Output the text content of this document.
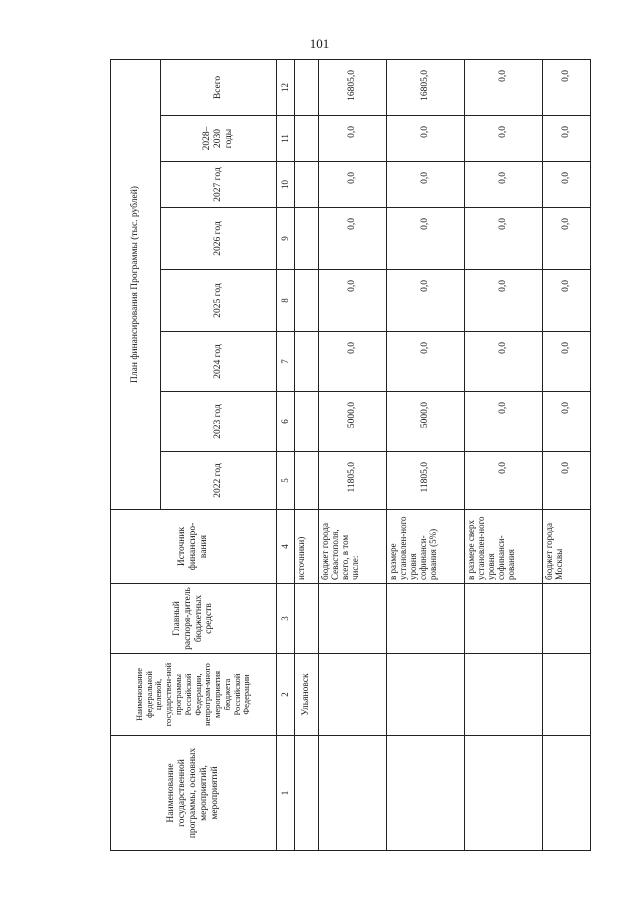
101
Наименование государственной программы, основных мероприятий, мероприятий	Наименование федеральной целевой, государствен-ной программы Российской Федерации, непрограм-много мероприятия бюджета Российской Федерации	Главный распоря-дитель бюджетных средств	Источник финансиро-вания	План финансирования Программы (тыс. рублей)							
				2022 год	2023 год	2024 год	2025 год	2026 год	2027 год	2028–2030 годы	Всего
1	2	3	4	5	6	7	8	9	10	11	12
	Ульяновск		источники)								
			бюджет города Севастополя, всего, в том числе:	11805,0	5000,0	0,0	0,0	0,0	0,0	0,0	16805,0
			в размере установлен-ного уровня софинанси-рования (5%)	11805,0	5000,0	0,0	0,0	0,0	0,0	0,0	16805,0
			в размере сверх установлен-ного уровня софинанси-рования	0,0	0,0	0,0	0,0	0,0	0,0	0,0	0,0
			бюджет города Москвы	0,0	0,0	0,0	0,0	0,0	0,0	0,0	0,0
